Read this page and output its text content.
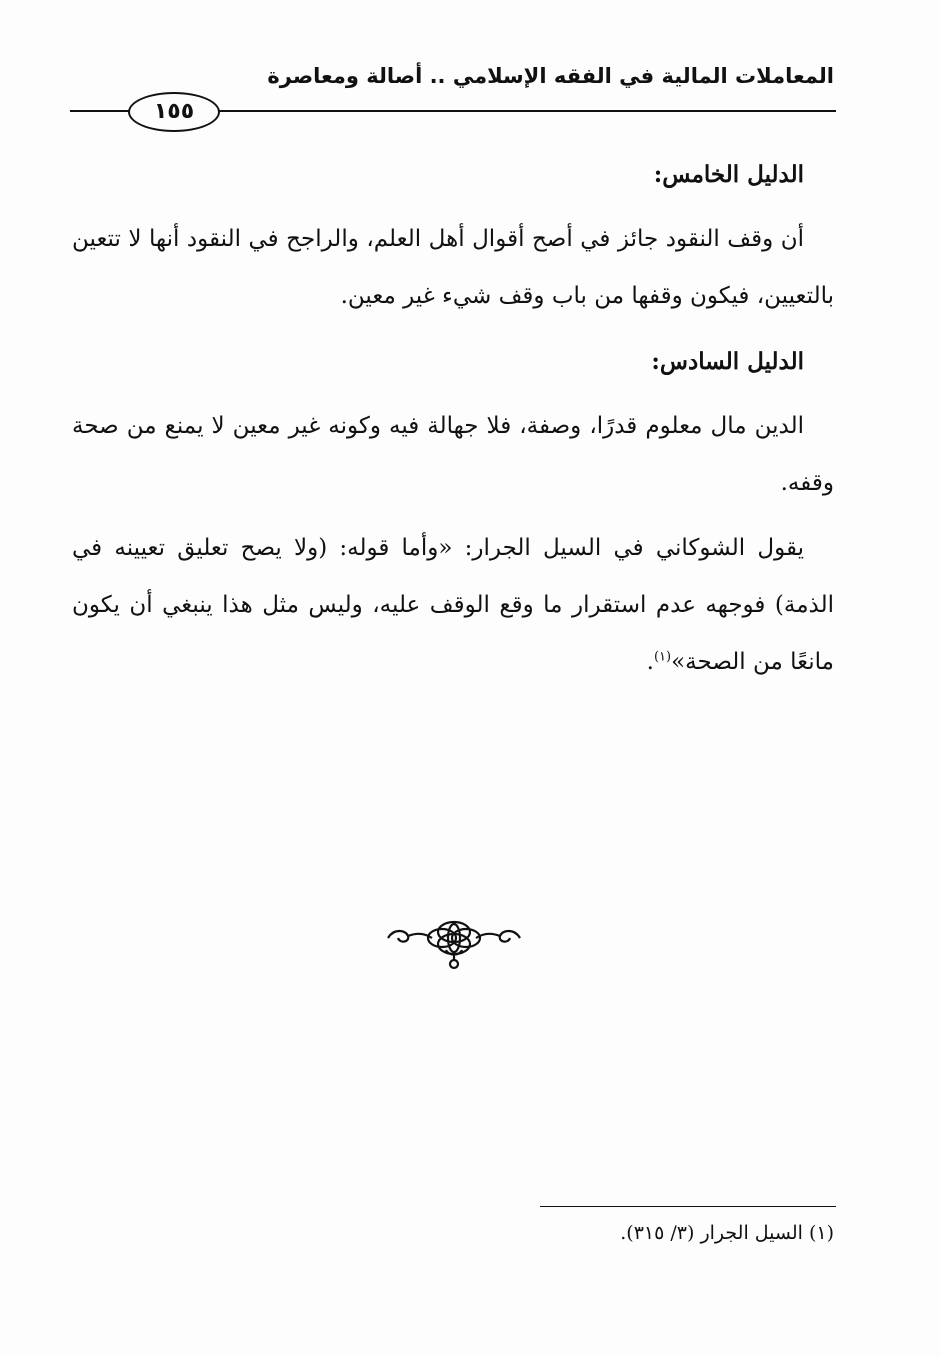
المعاملات المالية في الفقه الإسلامي .. أصالة ومعاصرة
١٥٥

الدليل الخامس:

أن وقف النقود جائز في أصح أقوال أهل العلم، والراجح في النقود أنها لا تتعين بالتعيين، فيكون وقفها من باب وقف شيء غير معين.

الدليل السادس:

الدين مال معلوم قدرًا، وصفة، فلا جهالة فيه وكونه غير معين لا يمنع من صحة وقفه.

يقول الشوكاني في السيل الجرار: «وأما قوله: (ولا يصح تعليق تعيينه في الذمة) فوجهه عدم استقرار ما وقع الوقف عليه، وليس مثل هذا ينبغي أن يكون مانعًا من الصحة»$^{(١)}$.

(١) السيل الجرار (٣/ ٣١٥).
